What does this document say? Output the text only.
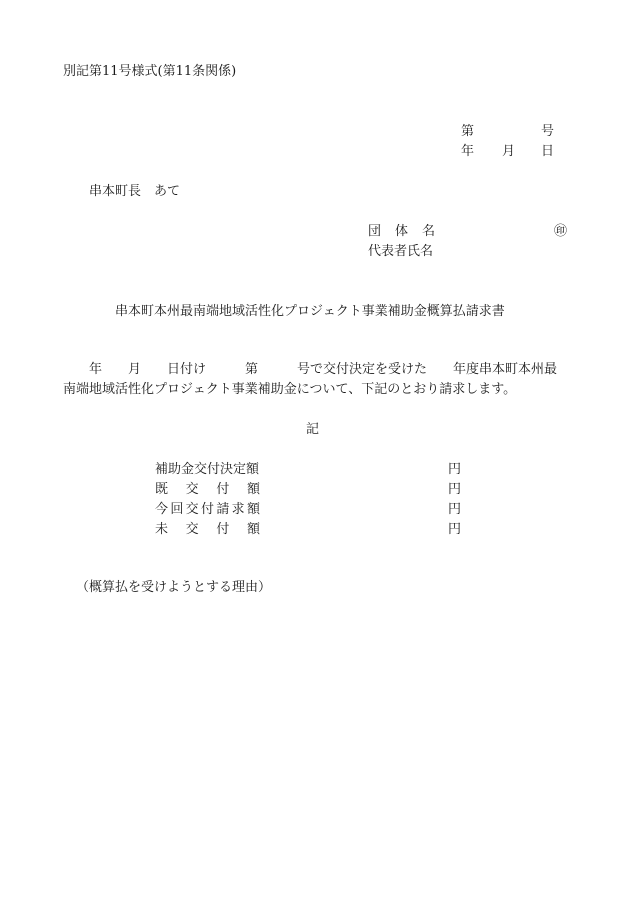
別記第11号様式(第11条関係)
第	号
年 月 日
串本町長　あて
団体名	㊞
代表者氏名
串本町本州最南端地域活性化プロジェクト事業補助金概算払請求書
年　　月　　日付け　　　第　　　号で交付決定を受けた　　年度串本町本州最
南端地域活性化プロジェクト事業補助金について、下記のとおり請求します。
記
補助金交付決定額	円
既 交 付 額	円
今 回 交 付 請 求 額	円
未 交 付 額	円
（概算払を受けようとする理由）
